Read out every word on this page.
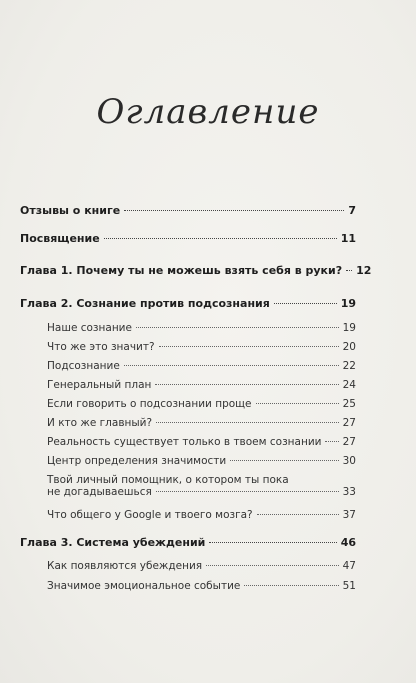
Оглавление
Отзывы о книге	7
Посвящение	11
Глава 1. Почему ты не можешь взять себя в руки? 12
Глава 2. Сознание против подсознания	19
Наше сознание	19
Что же это значит?	20
Подсознание	22
Генеральный план	24
Если говорить о подсознании проще	25
И кто же главный?	27
Реальность существует только в твоем сознании 27
Центр определения значимости	30
Твой личный помощник, о котором ты пока
не догадываешься	33
Что общего у Google и твоего мозга?	37
Глава 3. Система убеждений	46
Как появляются убеждения	47
Значимое эмоциональное событие	51
